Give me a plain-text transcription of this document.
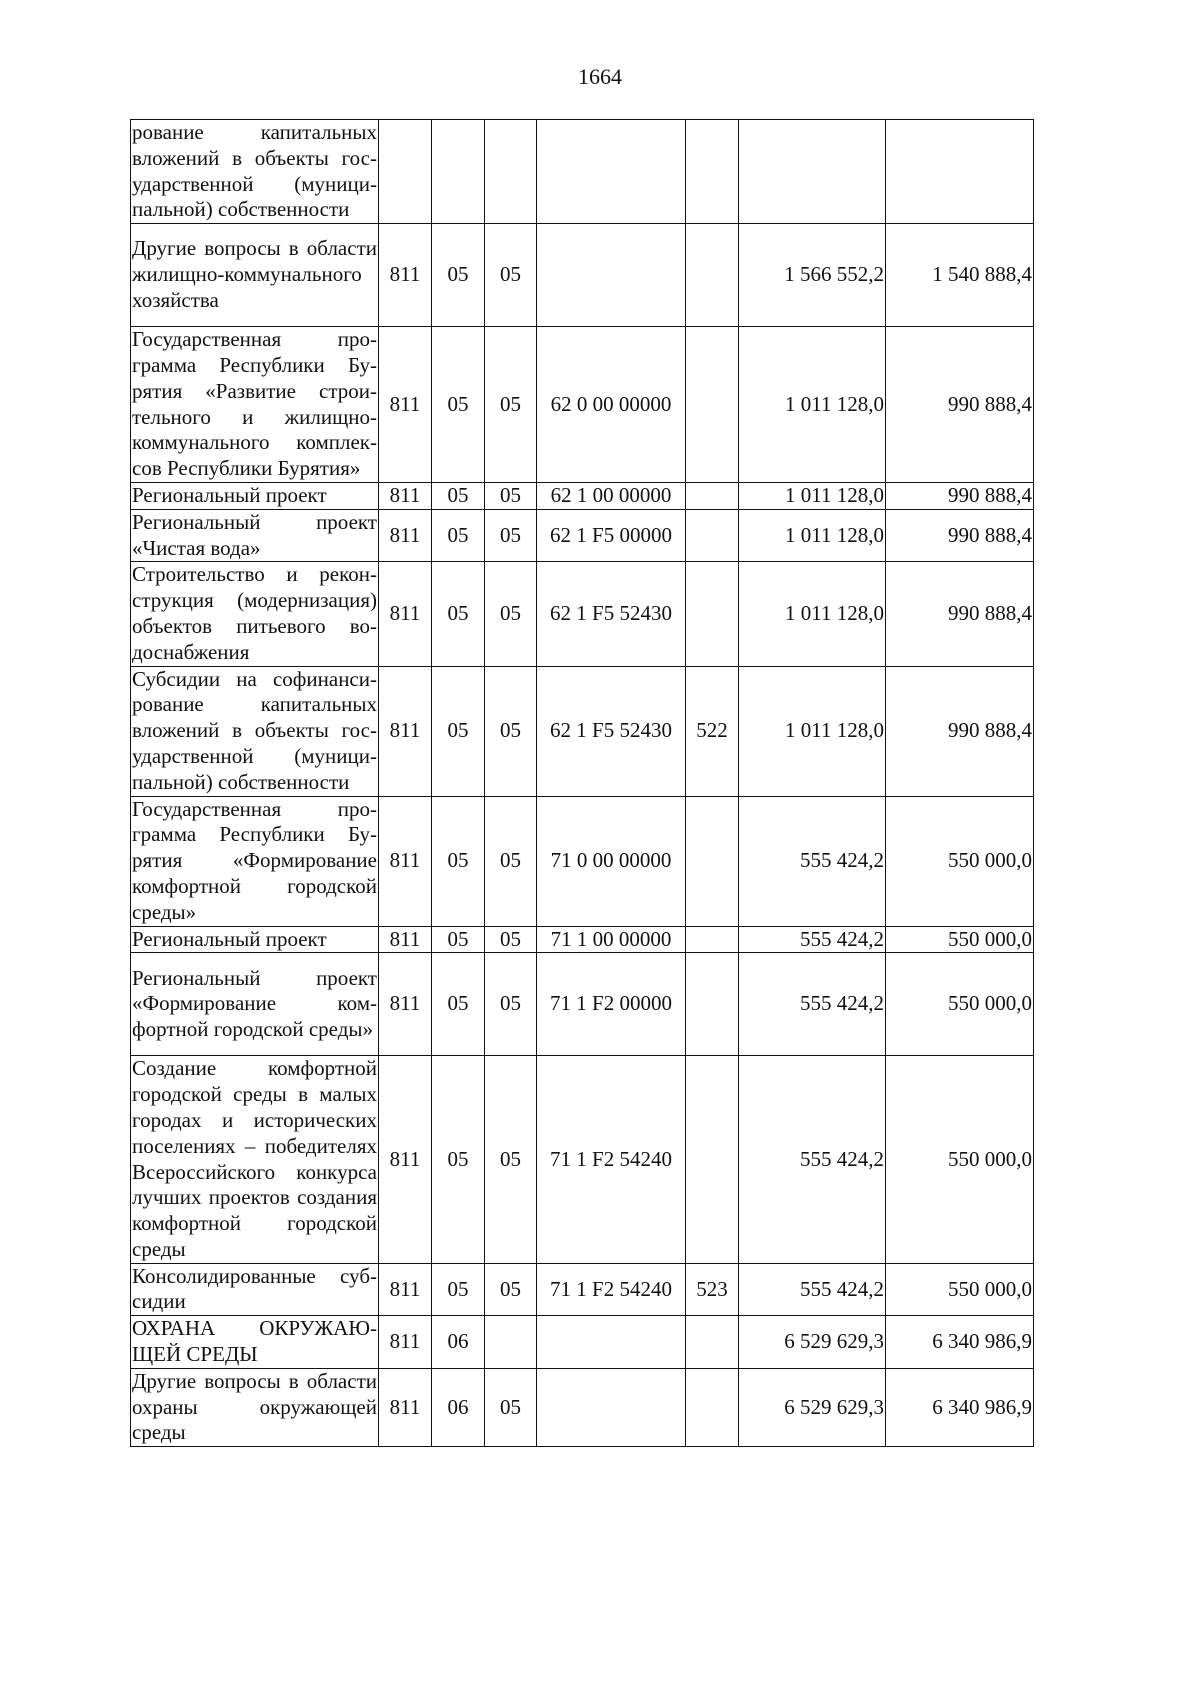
1664
рование капитальных вложений в объекты государственной (муниципальной) собственности							
Другие вопросы в области жилищно-коммунального хозяйства	811	05	05			1 566 552,2	1 540 888,4
Государственная программа Республики Бурятия «Развитие строительного и жилищно-коммунального комплексов Республики Бурятия»	811	05	05	62 0 00 00000		1 011 128,0	990 888,4
Региональный проект	811	05	05	62 1 00 00000		1 011 128,0	990 888,4
Региональный проект «Чистая вода»	811	05	05	62 1 F5 00000		1 011 128,0	990 888,4
Строительство и реконструкция (модернизация) объектов питьевого водоснабжения	811	05	05	62 1 F5 52430		1 011 128,0	990 888,4
Субсидии на софинансирование капитальных вложений в объекты государственной (муниципальной) собственности	811	05	05	62 1 F5 52430	522	1 011 128,0	990 888,4
Государственная программа Республики Бурятия «Формирование комфортной городской среды»	811	05	05	71 0 00 00000		555 424,2	550 000,0
Региональный проект	811	05	05	71 1 00 00000		555 424,2	550 000,0
Региональный проект «Формирование комфортной городской среды»	811	05	05	71 1 F2 00000		555 424,2	550 000,0
Создание комфортной городской среды в малых городах и исторических поселениях – победителях Всероссийского конкурса лучших проектов создания комфортной городской среды	811	05	05	71 1 F2 54240		555 424,2	550 000,0
Консолидированные субсидии	811	05	05	71 1 F2 54240	523	555 424,2	550 000,0
ОХРАНА ОКРУЖАЮЩЕЙ СРЕДЫ	811	06				6 529 629,3	6 340 986,9
Другие вопросы в области охраны окружающей среды	811	06	05			6 529 629,3	6 340 986,9
